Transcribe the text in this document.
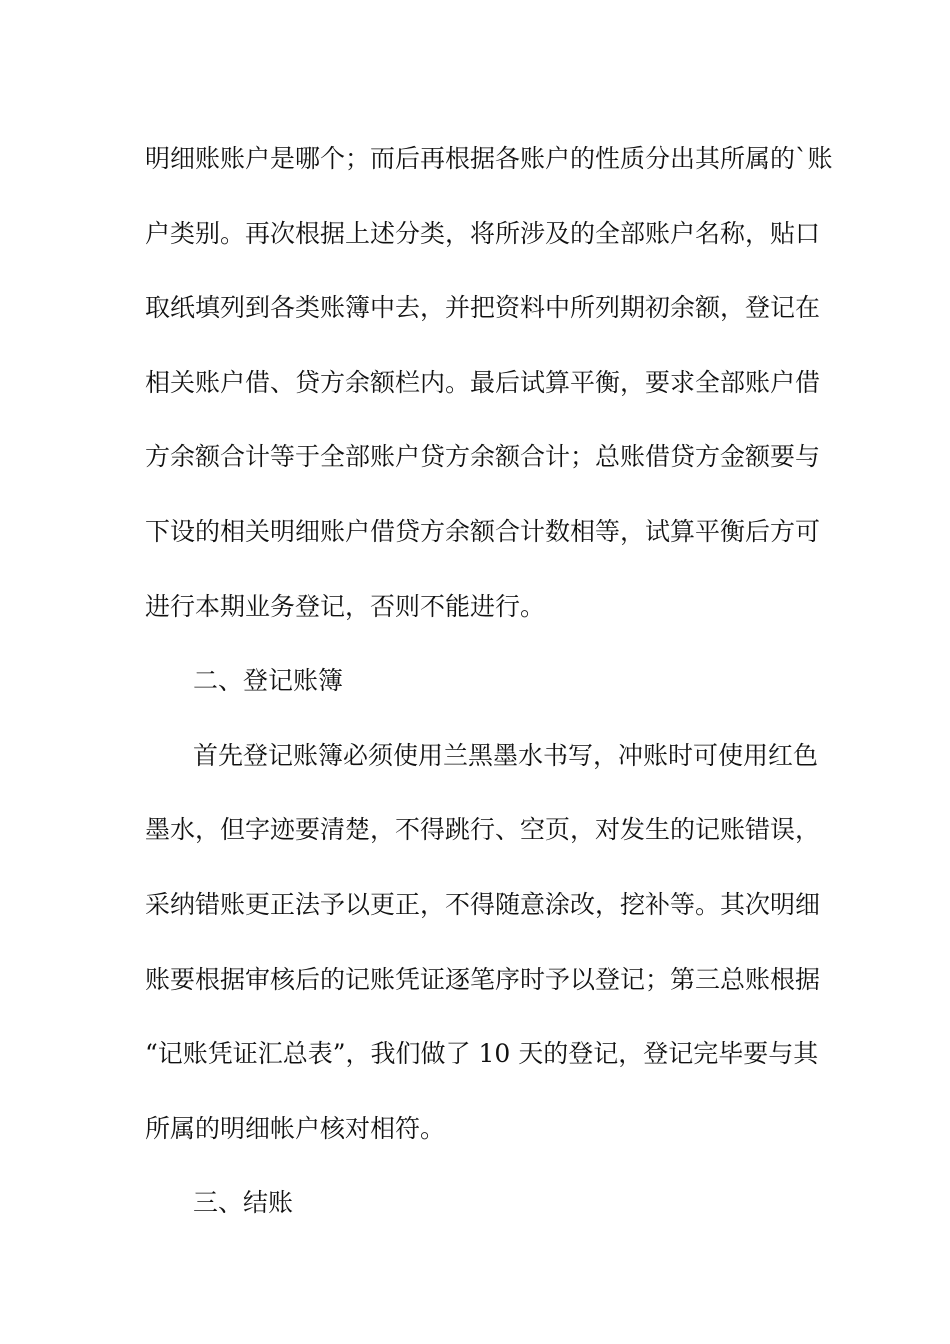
明细账账户是哪个；而后再根据各账户的性质分出其所属的`账
户类别。再次根据上述分类，将所涉及的全部账户名称，贴口
取纸填列到各类账簿中去，并把资料中所列期初余额，登记在
相关账户借、贷方余额栏内。最后试算平衡，要求全部账户借
方余额合计等于全部账户贷方余额合计；总账借贷方金额要与
下设的相关明细账户借贷方余额合计数相等，试算平衡后方可
进行本期业务登记，否则不能进行。
二、登记账簿
首先登记账簿必须使用兰黑墨水书写，冲账时可使用红色
墨水，但字迹要清楚，不得跳行、空页，对发生的记账错误，
采纳错账更正法予以更正，不得随意涂改，挖补等。其次明细
账要根据审核后的记账凭证逐笔序时予以登记；第三总账根据
“记账凭证汇总表”，我们做了 10 天的登记，登记完毕要与其
所属的明细帐户核对相符。
三、结账
